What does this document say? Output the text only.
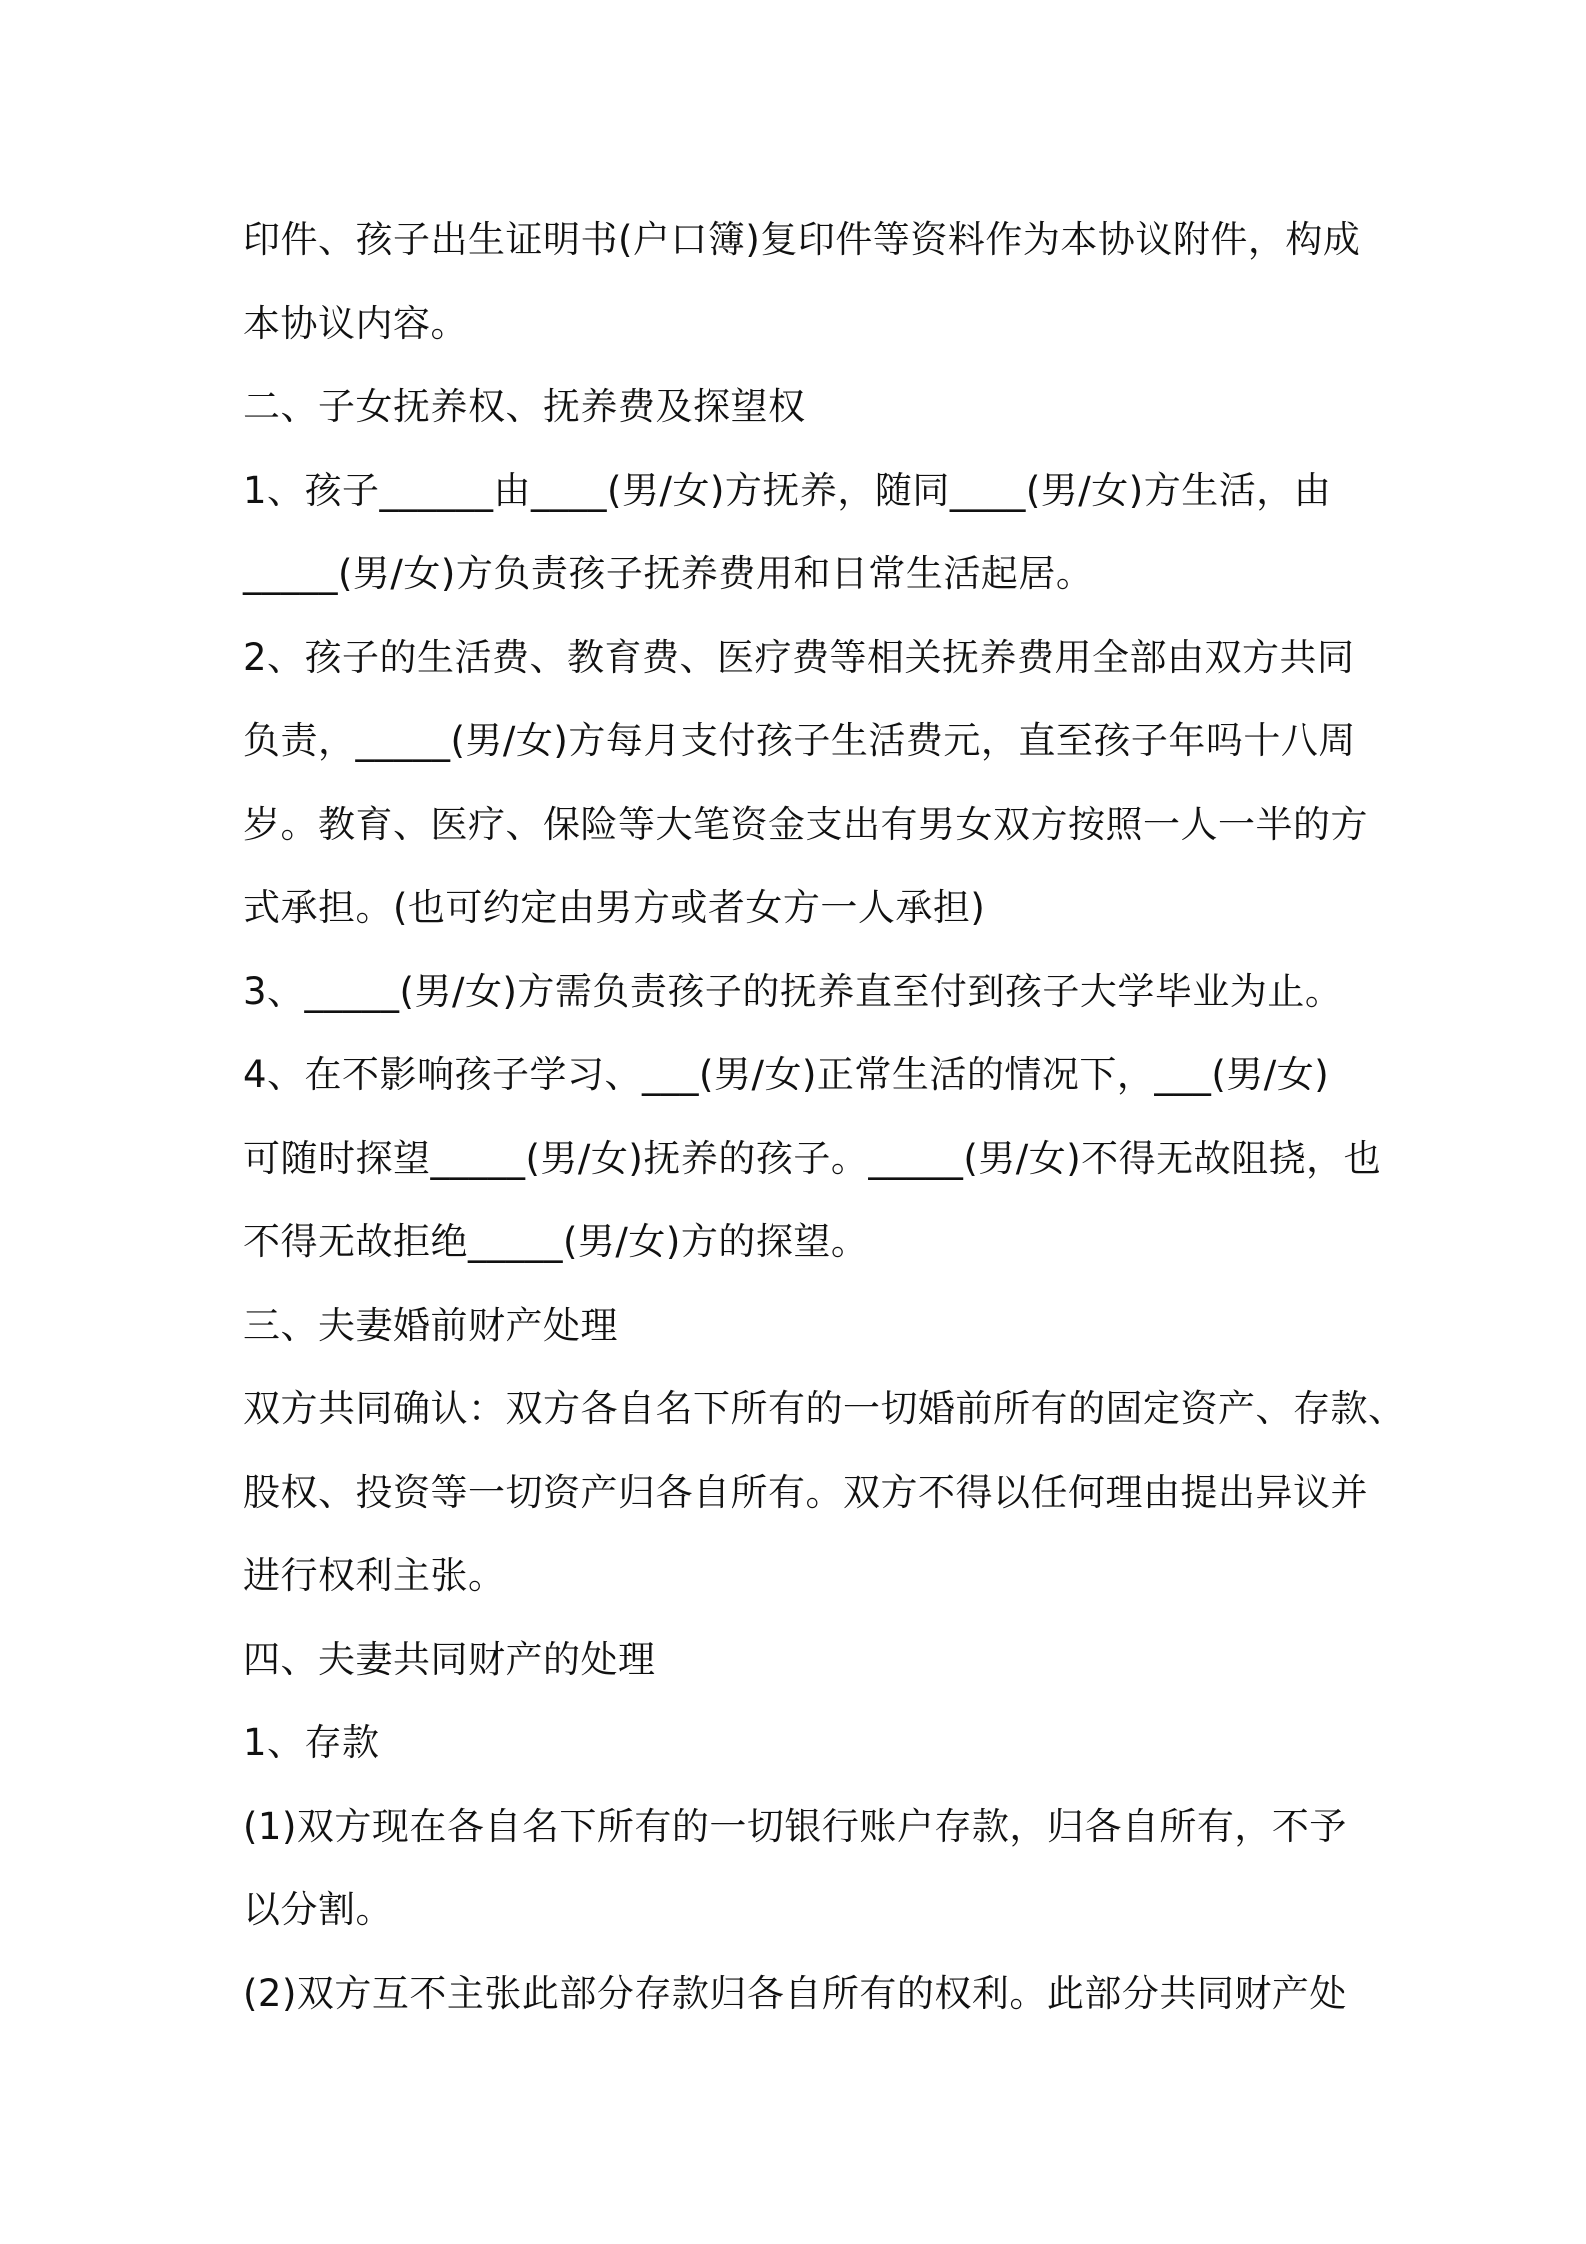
印件、孩子出生证明书(户口簿)复印件等资料作为本协议附件，构成
本协议内容。
二、子女抚养权、抚养费及探望权
1、孩子______由____(男/女)方抚养，随同____(男/女)方生活，由
_____(男/女)方负责孩子抚养费用和日常生活起居。
2、孩子的生活费、教育费、医疗费等相关抚养费用全部由双方共同
负责，_____(男/女)方每月支付孩子生活费元，直至孩子年吗十八周
岁。教育、医疗、保险等大笔资金支出有男女双方按照一人一半的方
式承担。(也可约定由男方或者女方一人承担)
3、_____(男/女)方需负责孩子的抚养直至付到孩子大学毕业为止。
4、在不影响孩子学习、___(男/女)正常生活的情况下，___(男/女)
可随时探望_____(男/女)抚养的孩子。_____(男/女)不得无故阻挠，也
不得无故拒绝_____(男/女)方的探望。
三、夫妻婚前财产处理
双方共同确认：双方各自名下所有的一切婚前所有的固定资产、存款、
股权、投资等一切资产归各自所有。双方不得以任何理由提出异议并
进行权利主张。
四、夫妻共同财产的处理
1、存款
(1)双方现在各自名下所有的一切银行账户存款，归各自所有，不予
以分割。
(2)双方互不主张此部分存款归各自所有的权利。此部分共同财产处
